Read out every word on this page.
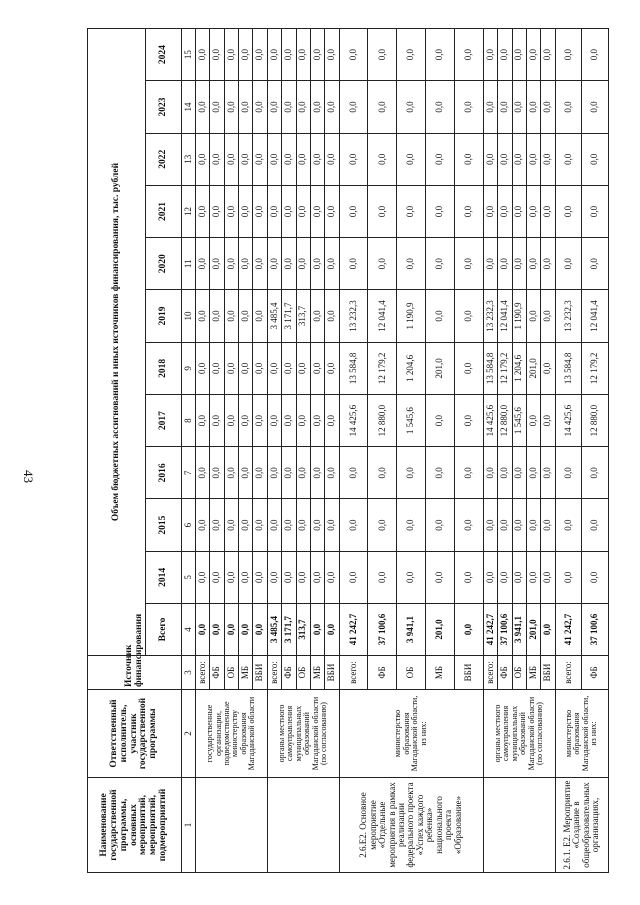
43
Наименование государственной программы, основных мероприятий, мероприятий, подмероприятий	Ответственный исполнитель, участник государственной программы	Источник финансирования	Объем бюджетных ассигнований и иных источников финансирования, тыс. рублей											
			Всего	2014	2015	2016	2017	2018	2019	2020	2021	2022	2023	2024
1	2	3	4	5	6	7	8	9	10	11	12	13	14	15
	государственные организации, подведомственные министерству образования Магаданской области	всего:	0,0	0,0	0,0	0,0	0,0	0,0	0,0	0,0	0,0	0,0	0,0	0,0
		ФБ	0,0	0,0	0,0	0,0	0,0	0,0	0,0	0,0	0,0	0,0	0,0	0,0
		ОБ	0,0	0,0	0,0	0,0	0,0	0,0	0,0	0,0	0,0	0,0	0,0	0,0
		МБ	0,0	0,0	0,0	0,0	0,0	0,0	0,0	0,0	0,0	0,0	0,0	0,0
		ВБИ	0,0	0,0	0,0	0,0	0,0	0,0	0,0	0,0	0,0	0,0	0,0	0,0
	органы местного самоуправления муниципальных образований Магаданской области (по согласованию)	всего:	3 485,4	0,0	0,0	0,0	0,0	0,0	3 485,4	0,0	0,0	0,0	0,0	0,0
		ФБ	3 171,7	0,0	0,0	0,0	0,0	0,0	3 171,7	0,0	0,0	0,0	0,0	0,0
		ОБ	313,7	0,0	0,0	0,0	0,0	0,0	313,7	0,0	0,0	0,0	0,0	0,0
		МБ	0,0	0,0	0,0	0,0	0,0	0,0	0,0	0,0	0,0	0,0	0,0	0,0
		ВБИ	0,0	0,0	0,0	0,0	0,0	0,0	0,0	0,0	0,0	0,0	0,0	0,0
2.6.Е2. Основное мероприятие «Отдельные мероприятия в рамках реализации федерального проекта «Успех каждого ребенка» национального проекта «Образование»	министерство образования Магаданской области, из них:	всего:	41 242,7	0,0	0,0	0,0	14 425,6	13 584,8	13 232,3	0,0	0,0	0,0	0,0	0,0
		ФБ	37 100,6	0,0	0,0	0,0	12 880,0	12 179,2	12 041,4	0,0	0,0	0,0	0,0	0,0
		ОБ	3 941,1	0,0	0,0	0,0	1 545,6	1 204,6	1 190,9	0,0	0,0	0,0	0,0	0,0
		МБ	201,0	0,0	0,0	0,0	0,0	201,0	0,0	0,0	0,0	0,0	0,0	0,0
		ВБИ	0,0	0,0	0,0	0,0	0,0	0,0	0,0	0,0	0,0	0,0	0,0	0,0
	органы местного самоуправления муниципальных образований Магаданской области (по согласованию)	всего:	41 242,7	0,0	0,0	0,0	14 425,6	13 584,8	13 232,3	0,0	0,0	0,0	0,0	0,0
		ФБ	37 100,6	0,0	0,0	0,0	12 880,0	12 179,2	12 041,4	0,0	0,0	0,0	0,0	0,0
		ОБ	3 941,1	0,0	0,0	0,0	1 545,6	1 204,6	1 190,9	0,0	0,0	0,0	0,0	0,0
		МБ	201,0	0,0	0,0	0,0	0,0	201,0	0,0	0,0	0,0	0,0	0,0	0,0
		ВБИ	0,0	0,0	0,0	0,0	0,0	0,0	0,0	0,0	0,0	0,0	0,0	0,0
2.6.1. Е2. Мероприятие «Создание в общеобразовательных организациях,	министерство образования Магаданской области, из них:	всего:	41 242,7	0,0	0,0	0,0	14 425,6	13 584,8	13 232,3	0,0	0,0	0,0	0,0	0,0
		ФБ	37 100,6	0,0	0,0	0,0	12 880,0	12 179,2	12 041,4	0,0	0,0	0,0	0,0	0,0
